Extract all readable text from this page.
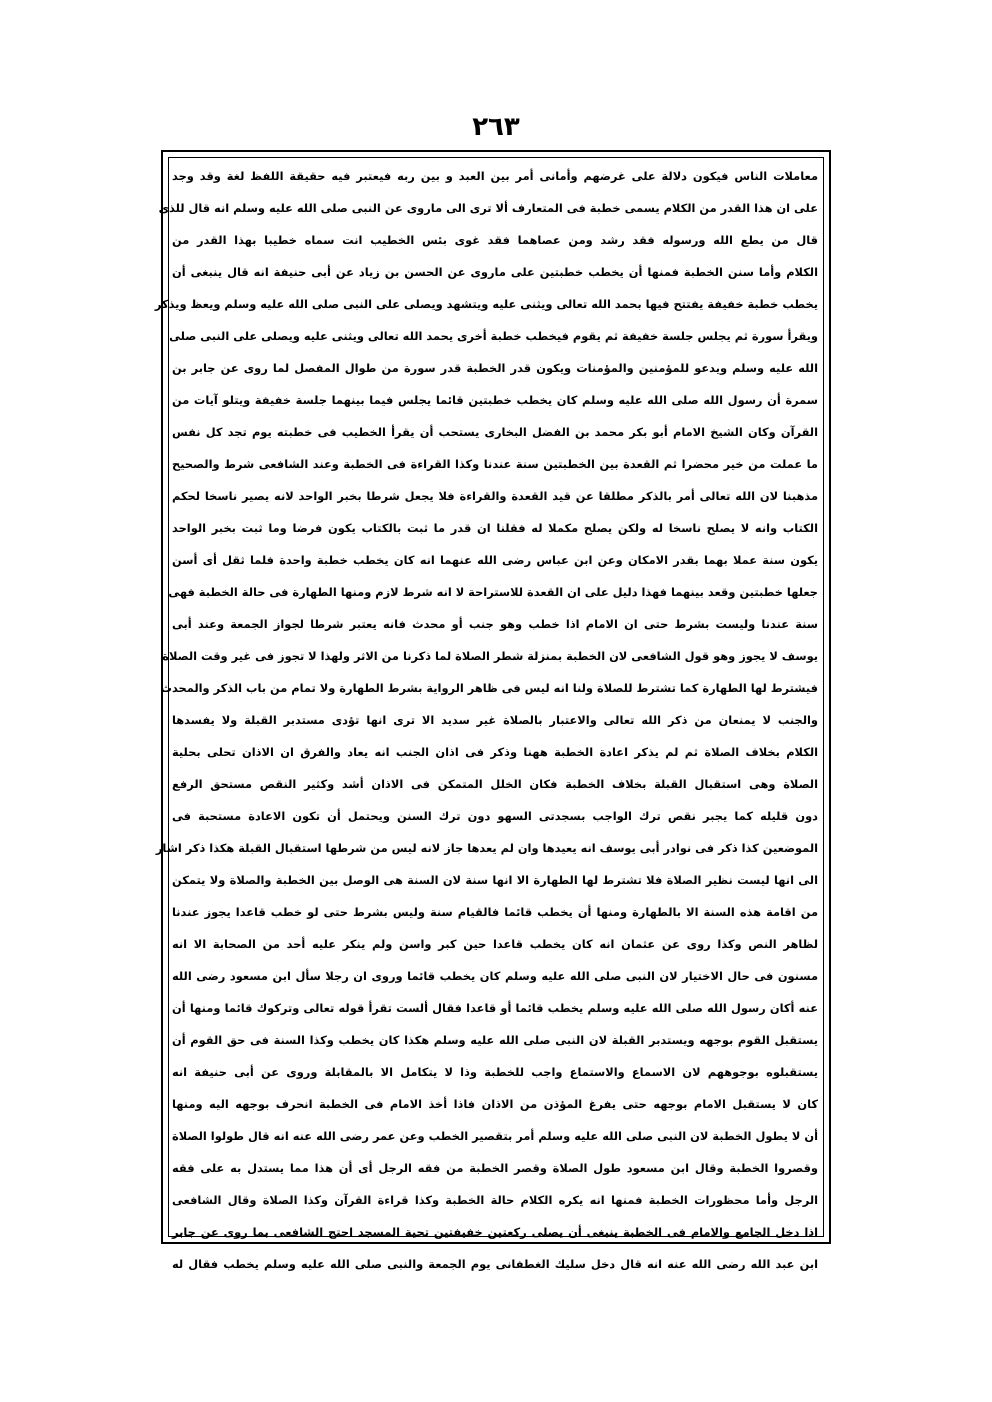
٢٦٣
معاملات الناس فيكون دلالة على غرضهم وأمانى أمر بين العبد و بين ربه فيعتبر فيه حقيقة اللفظ لغة وقد وجد
على ان هذا القدر من الكلام يسمى خطبة فى المتعارف ألا ترى الى ماروى عن النبى صلى الله عليه وسلم انه قال للذى
قال من يطع الله ورسوله فقد رشد ومن عصاهما فقد غوى بئس الخطيب انت سماه خطيبا بهذا القدر من
الكلام وأما سنن الخطبة فمنها أن يخطب خطبتين على ماروى عن الحسن بن زياد عن أبى حنيفة انه قال ينبغى أن
يخطب خطبة خفيفة يفتتح فيها بحمد الله تعالى ويثنى عليه ويتشهد ويصلى على النبى صلى الله عليه وسلم ويعظ ويذكر
ويقرأ سورة ثم يجلس جلسة خفيفة ثم يقوم فيخطب خطبة أخرى يحمد الله تعالى ويثنى عليه ويصلى على النبى صلى
الله عليه وسلم ويدعو للمؤمنين والمؤمنات ويكون قدر الخطبة قدر سورة من طوال المفصل لما روى عن جابر بن
سمرة أن رسول الله صلى الله عليه وسلم كان يخطب خطبتين قائما يجلس فيما بينهما جلسة خفيفة ويتلو آيات من
القرآن وكان الشيخ الامام أبو بكر محمد بن الفضل البخارى يستحب أن يقرأ الخطيب فى خطبته يوم تجد كل نفس
ما عملت من خير محضرا ثم القعدة بين الخطبتين سنة عندنا وكذا القراءة فى الخطبة وعند الشافعى شرط والصحيح
مذهبنا لان الله تعالى أمر بالذكر مطلقا عن قيد القعدة والقراءة فلا يجعل شرطا بخبر الواحد لانه يصير ناسخا لحكم
الكتاب وانه لا يصلح ناسخا له ولكن يصلح مكملا له فقلنا ان قدر ما ثبت بالكتاب يكون فرضا وما ثبت بخبر الواحد
يكون سنة عملا بهما بقدر الامكان وعن ابن عباس رضى الله عنهما انه كان يخطب خطبة واحدة فلما ثقل أى أسن
جعلها خطبتين وقعد بينهما فهذا دليل على ان القعدة للاستراحة لا انه شرط لازم ومنها الطهارة فى حالة الخطبة فهى
سنة عندنا وليست بشرط حتى ان الامام اذا خطب وهو جنب أو محدث فانه يعتبر شرطا لجواز الجمعة وعند أبى
يوسف لا يجوز وهو قول الشافعى لان الخطبة بمنزلة شطر الصلاة لما ذكرنا من الاثر ولهذا لا تجوز فى غير وقت الصلاة
فيشترط لها الطهارة كما تشترط للصلاة ولنا انه ليس فى ظاهر الرواية بشرط الطهارة ولا تمام من باب الذكر والمحدث
والجنب لا يمنعان من ذكر الله تعالى والاعتبار بالصلاة غير سديد الا ترى انها تؤدى مستدبر القبلة ولا يفسدها
الكلام بخلاف الصلاة ثم لم يذكر اعادة الخطبة ههنا وذكر فى اذان الجنب انه يعاد والفرق ان الاذان تحلى بحلية
الصلاة وهى استقبال القبلة بخلاف الخطبة فكان الخلل المتمكن فى الاذان أشد وكثير النقص مستحق الرفع
دون قليله كما يجبر نقص ترك الواجب بسجدتى السهو دون ترك السنن ويحتمل أن تكون الاعادة مستحبة فى
الموضعين كذا ذكر فى نوادر أبى يوسف انه يعيدها وان لم يعدها جاز لانه ليس من شرطها استقبال القبلة هكذا ذكر اشار
الى انها ليست نظير الصلاة فلا تشترط لها الطهارة الا انها سنة لان السنة هى الوصل بين الخطبة والصلاة ولا يتمكن
من اقامة هذه السنة الا بالطهارة ومنها أن يخطب قائما فالقيام سنة وليس بشرط حتى لو خطب قاعدا يجوز عندنا
لظاهر النص وكذا روى عن عثمان انه كان يخطب قاعدا حين كبر واسن ولم ينكر عليه أحد من الصحابة الا انه
مسنون فى حال الاختيار لان النبى صلى الله عليه وسلم كان يخطب قائما وروى ان رجلا سأل ابن مسعود رضى الله
عنه أكان رسول الله صلى الله عليه وسلم يخطب قائما أو قاعدا فقال ألست تقرأ قوله تعالى وتركوك قائما ومنها أن
يستقبل القوم بوجهه ويستدبر القبلة لان النبى صلى الله عليه وسلم هكذا كان يخطب وكذا السنة فى حق القوم أن
يستقبلوه بوجوههم لان الاسماع والاستماع واجب للخطبة وذا لا يتكامل الا بالمقابلة وروى عن أبى حنيفة انه
كان لا يستقبل الامام بوجهه حتى يفرغ المؤذن من الاذان فاذا أخذ الامام فى الخطبة انحرف بوجهه اليه ومنها
أن لا يطول الخطبة لان النبى صلى الله عليه وسلم أمر بتقصير الخطب وعن عمر رضى الله عنه انه قال طولوا الصلاة
وقصروا الخطبة وقال ابن مسعود طول الصلاة وقصر الخطبة من فقه الرجل أى أن هذا مما يستدل به على فقه
الرجل وأما محظورات الخطبة فمنها انه يكره الكلام حالة الخطبة وكذا قراءة القرآن وكذا الصلاة وقال الشافعى
اذا دخل الجامع والامام فى الخطبة ينبغى أن يصلى ركعتين خفيفتين تحية المسجد احتج الشافعى بما روى عن جابر
ابن عبد الله رضى الله عنه انه قال دخل سليك الغطفانى يوم الجمعة والنبى صلى الله عليه وسلم يخطب فقال له
